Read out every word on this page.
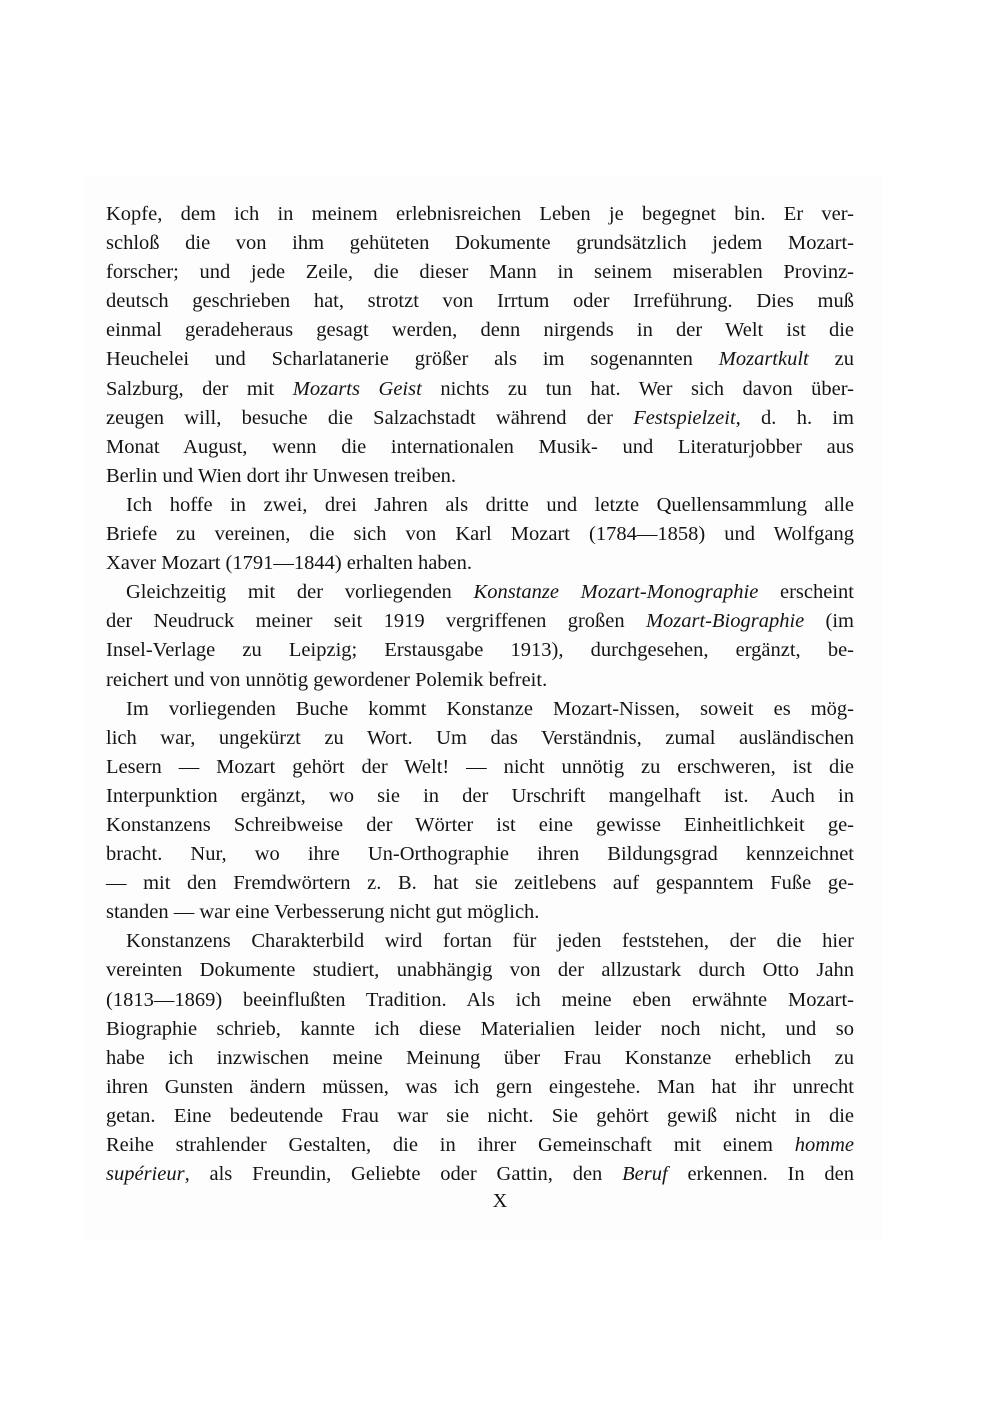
Kopfe, dem ich in meinem erlebnisreichen Leben je begegnet bin. Er ver-
schloß die von ihm gehüteten Dokumente grundsätzlich jedem Mozart-
forscher; und jede Zeile, die dieser Mann in seinem miserablen Provinz-
deutsch geschrieben hat, strotzt von Irrtum oder Irreführung. Dies muß
einmal geradeheraus gesagt werden, denn nirgends in der Welt ist die
Heuchelei und Scharlatanerie größer als im sogenannten Mozartkult zu
Salzburg, der mit Mozarts Geist nichts zu tun hat. Wer sich davon über-
zeugen will, besuche die Salzachstadt während der Festspielzeit, d. h. im
Monat August, wenn die internationalen Musik- und Literaturjobber aus
Berlin und Wien dort ihr Unwesen treiben.
Ich hoffe in zwei, drei Jahren als dritte und letzte Quellensammlung alle
Briefe zu vereinen, die sich von Karl Mozart (1784—1858) und Wolfgang
Xaver Mozart (1791—1844) erhalten haben.
Gleichzeitig mit der vorliegenden Konstanze Mozart-Monographie erscheint
der Neudruck meiner seit 1919 vergriffenen großen Mozart-Biographie (im
Insel-Verlage zu Leipzig; Erstausgabe 1913), durchgesehen, ergänzt, be-
reichert und von unnötig gewordener Polemik befreit.
Im vorliegenden Buche kommt Konstanze Mozart-Nissen, soweit es mög-
lich war, ungekürzt zu Wort. Um das Verständnis, zumal ausländischen
Lesern — Mozart gehört der Welt! — nicht unnötig zu erschweren, ist die
Interpunktion ergänzt, wo sie in der Urschrift mangelhaft ist. Auch in
Konstanzens Schreibweise der Wörter ist eine gewisse Einheitlichkeit ge-
bracht. Nur, wo ihre Un-Orthographie ihren Bildungsgrad kennzeichnet
— mit den Fremdwörtern z. B. hat sie zeitlebens auf gespanntem Fuße ge-
standen — war eine Verbesserung nicht gut möglich.
Konstanzens Charakterbild wird fortan für jeden feststehen, der die hier
vereinten Dokumente studiert, unabhängig von der allzustark durch Otto Jahn
(1813—1869) beeinflußten Tradition. Als ich meine eben erwähnte Mozart-
Biographie schrieb, kannte ich diese Materialien leider noch nicht, und so
habe ich inzwischen meine Meinung über Frau Konstanze erheblich zu
ihren Gunsten ändern müssen, was ich gern eingestehe. Man hat ihr unrecht
getan. Eine bedeutende Frau war sie nicht. Sie gehört gewiß nicht in die
Reihe strahlender Gestalten, die in ihrer Gemeinschaft mit einem homme
supérieur, als Freundin, Geliebte oder Gattin, den Beruf erkennen. In den
X
